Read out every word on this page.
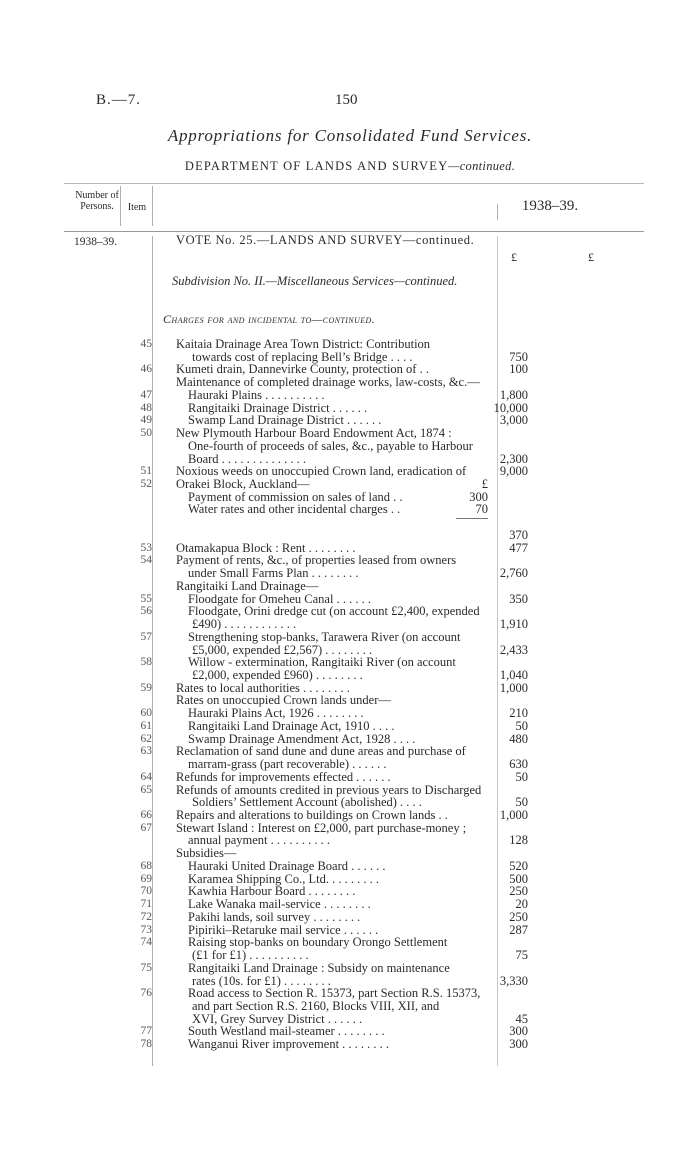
B.—7.	150
Appropriations for Consolidated Fund Services.
DEPARTMENT OF LANDS AND SURVEY—continued.
Number of Persons.	Item	1938–39.
1938–39.	VOTE No. 25.—LANDS AND SURVEY—continued.
£	£
Subdivision No. II.—Miscellaneous Services—continued.
Charges for and incidental to—continued.
45 Kaitaia Drainage Area Town District: Contribution
towards cost of replacing Bell’s Bridge . . . .	750
46 Kumeti drain, Dannevirke County, protection of . .	100
Maintenance of completed drainage works, law-costs, &c.—
47	Hauraki Plains . . . . . . . . . .	1,800
48	Rangitaiki Drainage District . . . . . .	10,000
49	Swamp Land Drainage District . . . . . .	3,000
50 New Plymouth Harbour Board Endowment Act, 1874 :
One-fourth of proceeds of sales, &c., payable to Harbour
Board . . . . . . . . . . . . . .	2,300
51 Noxious weeds on unoccupied Crown land, eradication of	9,000
52 Orakei Block, Auckland—	£
Payment of commission on sales of land . .	300
Water rates and other incidental charges . .	70
370
53 Otamakapua Block : Rent . . . . . . . .	477
54 Payment of rents, &c., of properties leased from owners
under Small Farms Plan . . . . . . . .	2,760
Rangitaiki Land Drainage—
55	Floodgate for Omeheu Canal . . . . . .	350
56	Floodgate, Orini dredge cut (on account £2,400, expended
£490) . . . . . . . . . . . .	1,910
57	Strengthening stop-banks, Tarawera River (on account
£5,000, expended £2,567) . . . . . . . .	2,433
58	Willow - extermination, Rangitaiki River (on account
£2,000, expended £960) . . . . . . . .	1,040
59 Rates to local authorities . . . . . . . .	1,000
Rates on unoccupied Crown lands under—
60	Hauraki Plains Act, 1926 . . . . . . . .	210
61	Rangitaiki Land Drainage Act, 1910 . . . .	50
62	Swamp Drainage Amendment Act, 1928 . . . .	480
63 Reclamation of sand dune and dune areas and purchase of
marram-grass (part recoverable) . . . . . .	630
64 Refunds for improvements effected . . . . . .	50
65 Refunds of amounts credited in previous years to Discharged
Soldiers’ Settlement Account (abolished) . . . .	50
66 Repairs and alterations to buildings on Crown lands . .	1,000
67 Stewart Island : Interest on £2,000, part purchase-money ;
annual payment . . . . . . . . . .	128
Subsidies—
68	Hauraki United Drainage Board . . . . . .	520
69	Karamea Shipping Co., Ltd. . . . . . . . .	500
70	Kawhia Harbour Board . . . . . . . .	250
71	Lake Wanaka mail-service . . . . . . . .	20
72	Pakihi lands, soil survey . . . . . . . .	250
73	Pipiriki–Retaruke mail service . . . . . .	287
74	Raising stop-banks on boundary Orongo Settlement
(£1 for £1) . . . . . . . . . .	75
75	Rangitaiki Land Drainage : Subsidy on maintenance
rates (10s. for £1) . . . . . . . .	3,330
76	Road access to Section R. 15373, part Section R.S. 15373,
and part Section R.S. 2160, Blocks VIII, XII, and
XVI, Grey Survey District . . . . . .	45
77	South Westland mail-steamer . . . . . . . .	300
78	Wanganui River improvement . . . . . . . .	300
